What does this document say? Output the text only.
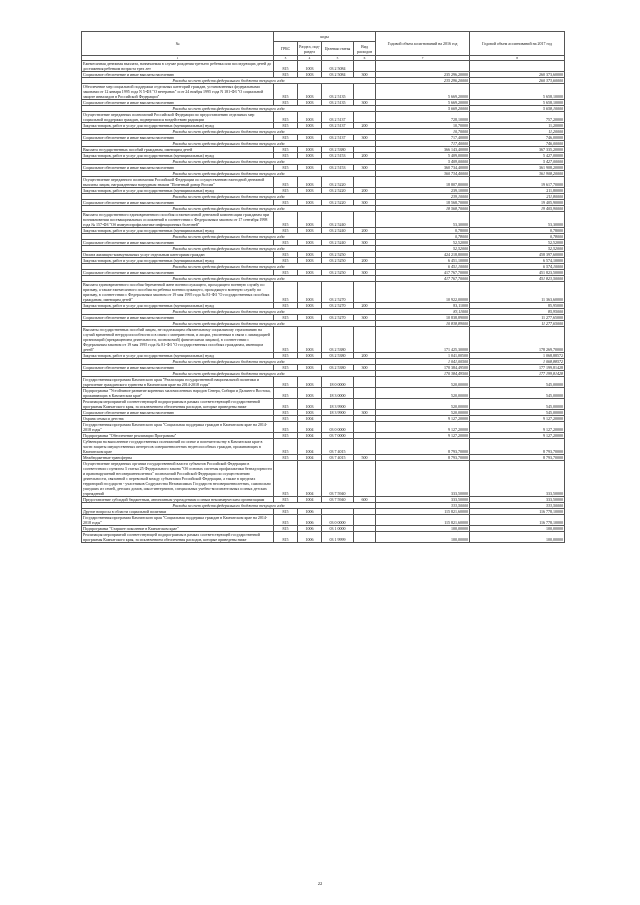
№	коды				Годовой объем ассигнований на 2016 год	Годовой объем ассигнований на 2017 год
	ГРБС	Раздел, под-раздел	Целевая статья	Вид расходов		
1	3	4	5	6	7	8
Ежемесячная денежная выплата, назначаемая в случае рождения третьего ребенка или последующих детей до достижения ребенком возраста трех лет	815	1003	03 2 5084			
Социальное обеспечение и иные выплаты населению	815	1003	03 2 5084	300	235 296,20000	260 373,60000
Расходы за счет средств федерального бюджета текущего года					235 296,20000	260 373,60000
Обеспечение мер социальной поддержки отдельных категорий граждан, установленных федеральными законами от 12 января 1995 года N 5-ФЗ "О ветеранах" и от 24 ноября 1995 года N 181-ФЗ "О социальной защите инвалидов в Российской Федерации"	815	1003	03 2 5135		5 669,20000	5 658,10000
Социальное обеспечение и иные выплаты населению	815	1003	03 2 5135	300	5 669,20000	5 658,10000
Расходы за счет средств федерального бюджета текущего года					5 669,20000	5 658,10000
Осуществление переданных полномочий Российской Федерации по предоставлению отдельных мер социальной поддержки граждан, подвергшихся воздействию радиации	815	1003	03 2 5137		728,10000	757,20000
Закупка товаров, работ и услуг для государственных (муниципальных) нужд	815	1003	03 2 5137	200	10,70000	11,20000
Расходы за счет средств федерального бюджета текущего года					10,70000	11,20000
Социальное обеспечение и иные выплаты населению	815	1003	03 2 5137	300	717,40000	746,00000
Расходы за счет средств федерального бюджета текущего года					717,40000	746,00000
Выплата государственных пособий гражданам, имеющим детей	815	1003	03 2 5380		366 143,40000	367 335,20000
Закупка товаров, работ и услуг для государственных (муниципальных) нужд	815	1003	03 2 5153	200	5 409,00000	5 427,00000
Расходы за счет средств федерального бюджета текущего года					5 409,00000	5 427,00000
Социальное обеспечение и иные выплаты населению	815	1003	03 2 5153	300	360 734,40000	361 908,20000
Расходы за счет средств федерального бюджета текущего года					360 734,40000	361 908,20000
Осуществление переданного полномочия Российской Федерации по осуществлению ежегодной денежной выплаты лицам, награжденным нагрудным знаком "Почетный донор России"	815	1003	03 2 5220		18 807,80000	19 617,70000
Закупка товаров, работ и услуг для государственных (муниципальных) нужд	815	1003	03 2 5220	200	239,10000	211,80000
Расходы за счет средств федерального бюджета текущего года					239,10000	211,80000
Социальное обеспечение и иные выплаты населению	815	1003	03 2 5220	300	18 568,70000	19 405,90000
Расходы за счет средств федерального бюджета текущего года					18 568,70000	19 405,90000
Выплата государственного единовременного пособия и ежемесячной денежной компенсации гражданам при возникновении поствакцинальных осложнений в соответствии с Федеральным законом от 17 сентября 1998 года № 157-ФЗ "Об иммунопрофилактике инфекционных болезней"	815	1003	03 2 5240		53,30000	53,30000
Закупка товаров, работ и услуг для государственных (муниципальных) нужд	815	1003	03 2 5240	200	0,78000	0,78000
Расходы за счет средств федерального бюджета текущего года					0,78000	0,78000
Социальное обеспечение и иные выплаты населению	815	1003	03 2 5240	300	52,52000	52,52000
Расходы за счет средств федерального бюджета текущего года					52,52000	52,52000
Оплата жилищно-коммунальных услуг отдельным категориям граждан	815	1003	03 2 5250		424 218,80000	458 397,60000
Закупка товаров, работ и услуг для государственных (муниципальных) нужд	815	1003	03 2 5250	200	6 451,10000	6 574,10000
Расходы за счет средств федерального бюджета текущего года					6 451,10000	6 574,10000
Социальное обеспечение и иные выплаты населению	815	1003	03 2 5250	300	417 767,70000	451 823,50000
Расходы за счет средств федерального бюджета текущего года					417 767,70000	451 823,50000
Выплата единовременного пособия беременной жене военнослужащего, проходящего военную службу по призыву, а также ежемесячного пособия на ребенка военнослужащего, проходящего военную службу по призыву, в соответствии с Федеральным законом от 19 мая 1995 года № 81-ФЗ "О государственных пособиях гражданам, имеющим детей"	815	1003	03 2 5270		10 922,00000	11 363,60000
Закупка товаров, работ и услуг для государственных (муниципальных) нужд	815	1003	03 2 5270	200	83,11000	85,95000
Расходы за счет средств федерального бюджета текущего года					83,11000	85,95000
Социальное обеспечение и иные выплаты населению	815	1003	03 2 5270	300	10 838,89000	11 277,65000
Расходы за счет средств федерального бюджета текущего года					10 838,89000	11 277,65000
Выплаты государственных пособий лицам, не подлежащим обязательному социальному страхованию на случай временной нетрудоспособности и в связи с материнством, и лицам, уволенным в связи с ликвидацией организаций (прекращением деятельности, полномочий) физическими лицами), в соответствии с Федеральным законом от 19 мая 1995 года № 81-ФЗ "О государственных пособиях гражданам, имеющим детей"	815	1003	03 2 5380		171 425,30000	178 269,70000
Закупка товаров, работ и услуг для государственных (муниципальных) нужд	815	1003	03 2 5380	200	1 041,00500	1 068,88572
Расходы за счет средств федерального бюджета текущего года					1 041,00500	1 068,88572
Социальное обеспечение и иные выплаты населению	815	1003	03 2 5380	300	170 384,49500	177 199,81428
Расходы за счет средств федерального бюджета текущего года					170 384,49500	177 199,81428
Государственная программа Камчатского края "Реализация государственной национальной политики и укрепление гражданского единства в Камчатском крае на 2014-2018 годы"	815	1003	18 0 0000		520,00000	545,00000
Подпрограмма "Устойчивое развитие коренных малочисленных народов Севера, Сибири и Дальнего Востока, проживающих в Камчатском крае"	815	1003	18 3 0000		520,00000	545,00000
Реализация мероприятий соответствующей подпрограммы в рамках соответствующей государственной программы Камчатского края, за исключением обеспечения расходов, которые приведены ниже	815	1003	18 3 9900		520,00000	545,00000
Социальное обеспечение и иные выплаты населению	815	1003	18 3 9900	300	520,00000	545,00000
Охрана семьи и детства	815	1004			9 127,20000	9 127,20000
Государственная программа Камчатского края "Социальная поддержка граждан в Камчатском крае на 2014-2018 годы"	815	1004	03 0 0000		9 127,20000	9 127,20000
Подпрограмма "Обеспечение реализации Программы"	815	1004	03 7 0000		9 127,20000	9 127,20000
Субвенции на выполнение государственных полномочий по опеке и попечительству в Камчатском крае в части защиты имущественных интересов совершеннолетних недееспособных граждан, проживающих в Камчатском крае	815	1004	03 7 4015		8 793,70000	8 793,70000
Межбюджетные трансферты	815	1004	03 7 4015	500	8 793,70000	8 793,70000
Осуществление переданных органам государственной власти субъектов Российской Федерации в соответствии с пунктом 3 статьи 25 Федерального закона "Об основах системы профилактики безнадзорности и правонарушений несовершеннолетних" полномочий Российской Федерации по осуществлению деятельности, связанной с перевозкой между субъектами Российской Федерации, а также в пределах территорий государств - участников Содружества Независимых Государств несовершеннолетних, самовольно ушедших из семей, детских домов, школ-интернатов, специальных учебно-воспитательных и иных детских учреждений	815	1004	03 7 5940		333,50000	333,50000
Предоставление субсидий бюджетным, автономным учреждениям и иным некоммерческим организациям	815	1004	03 7 5940	600	333,50000	333,50000
Расходы за счет средств федерального бюджета текущего года					333,50000	333,50000
Другие вопросы в области социальной политики	815	1006			115 821,60000	116 778,10000
Государственная программа Камчатского края "Социальная поддержка граждан в Камчатском крае на 2014-2018 годы"	815	1006	03 0 0000		115 821,60000	116 778,10000
Подпрограмма "Старшее поколение в Камчатском крае"	815	1006	03 1 0000		100,00000	100,00000
Реализация мероприятий соответствующей подпрограммы в рамках соответствующей государственной программы Камчатского края, за исключением обеспечения расходов, которые приведены ниже	815	1006	03 1 9999		100,00000	100,00000
22
